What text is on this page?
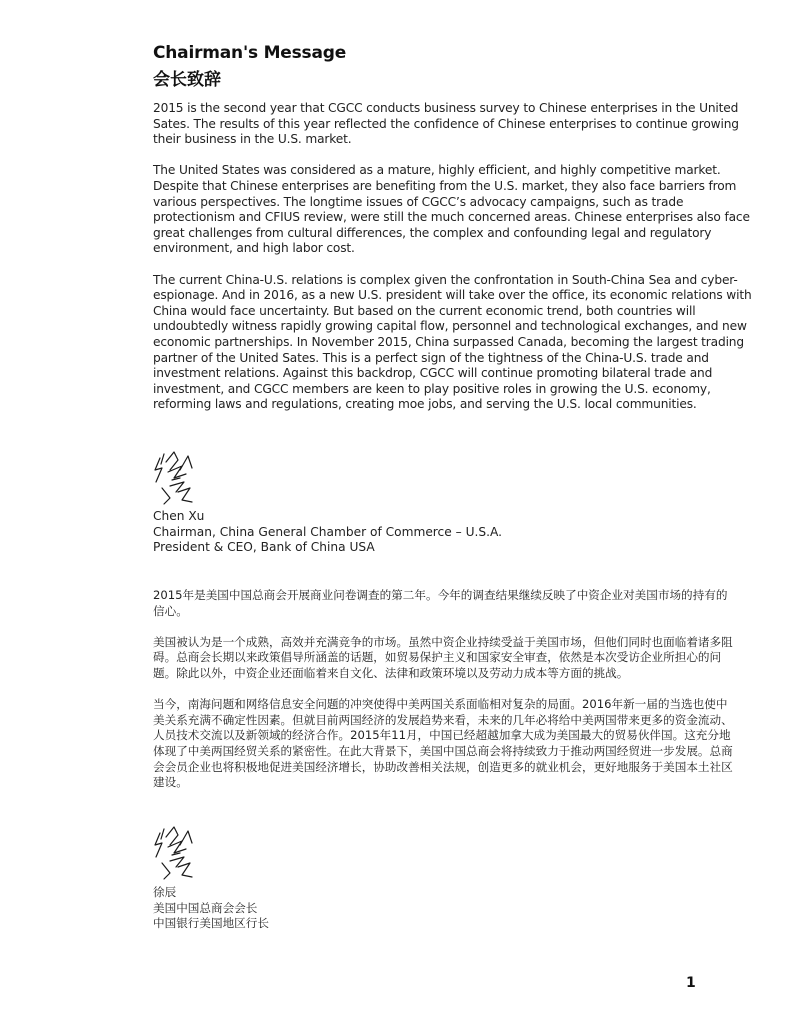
Chairman's Message
会长致辞

2015 is the second year that CGCC conducts business survey to Chinese enterprises in the United Sates. The results of this year reflected the confidence of Chinese enterprises to continue growing their business in the U.S. market.

The United States was considered as a mature, highly efficient, and highly competitive market. Despite that Chinese enterprises are benefiting from the U.S. market, they also face barriers from various perspectives. The longtime issues of CGCC’s advocacy campaigns, such as trade protectionism and CFIUS review, were still the much concerned areas. Chinese enterprises also face great challenges from cultural differences, the complex and confounding legal and regulatory environment, and high labor cost.

The current China-U.S. relations is complex given the confrontation in South-China Sea and cyber-espionage. And in 2016, as a new U.S. president will take over the office, its economic relations with China would face uncertainty. But based on the current economic trend, both countries will undoubtedly witness rapidly growing capital flow, personnel and technological exchanges, and new economic partnerships. In November 2015, China surpassed Canada, becoming the largest trading partner of the United Sates. This is a perfect sign of the tightness of the China-U.S. trade and investment relations. Against this backdrop, CGCC will continue promoting bilateral trade and investment, and CGCC members are keen to play positive roles in growing the U.S. economy, reforming laws and regulations, creating moe jobs, and serving the U.S. local communities.

Chen Xu
Chairman, China General Chamber of Commerce – U.S.A.
President & CEO, Bank of China USA

2015年是美国中国总商会开展商业问卷调查的第二年。今年的调查结果继续反映了中资企业对美国市场的持有的信心。

美国被认为是一个成熟，高效并充满竞争的市场。虽然中资企业持续受益于美国市场，但他们同时也面临着诸多阻碍。总商会长期以来政策倡导所涵盖的话题，如贸易保护主义和国家安全审查，依然是本次受访企业所担心的问题。除此以外，中资企业还面临着来自文化、法律和政策环境以及劳动力成本等方面的挑战。

当今，南海问题和网络信息安全问题的冲突使得中美两国关系面临相对复杂的局面。2016年新一届的当选也使中美关系充满不确定性因素。但就目前两国经济的发展趋势来看，未来的几年必将给中美两国带来更多的资金流动、人员技术交流以及新领域的经济合作。2015年11月，中国已经超越加拿大成为美国最大的贸易伙伴国。这充分地体现了中美两国经贸关系的紧密性。在此大背景下，美国中国总商会将持续致力于推动两国经贸进一步发展。总商会会员企业也将积极地促进美国经济增长，协助改善相关法规，创造更多的就业机会，更好地服务于美国本土社区建设。

徐辰
美国中国总商会会长
中国银行美国地区行长
1
